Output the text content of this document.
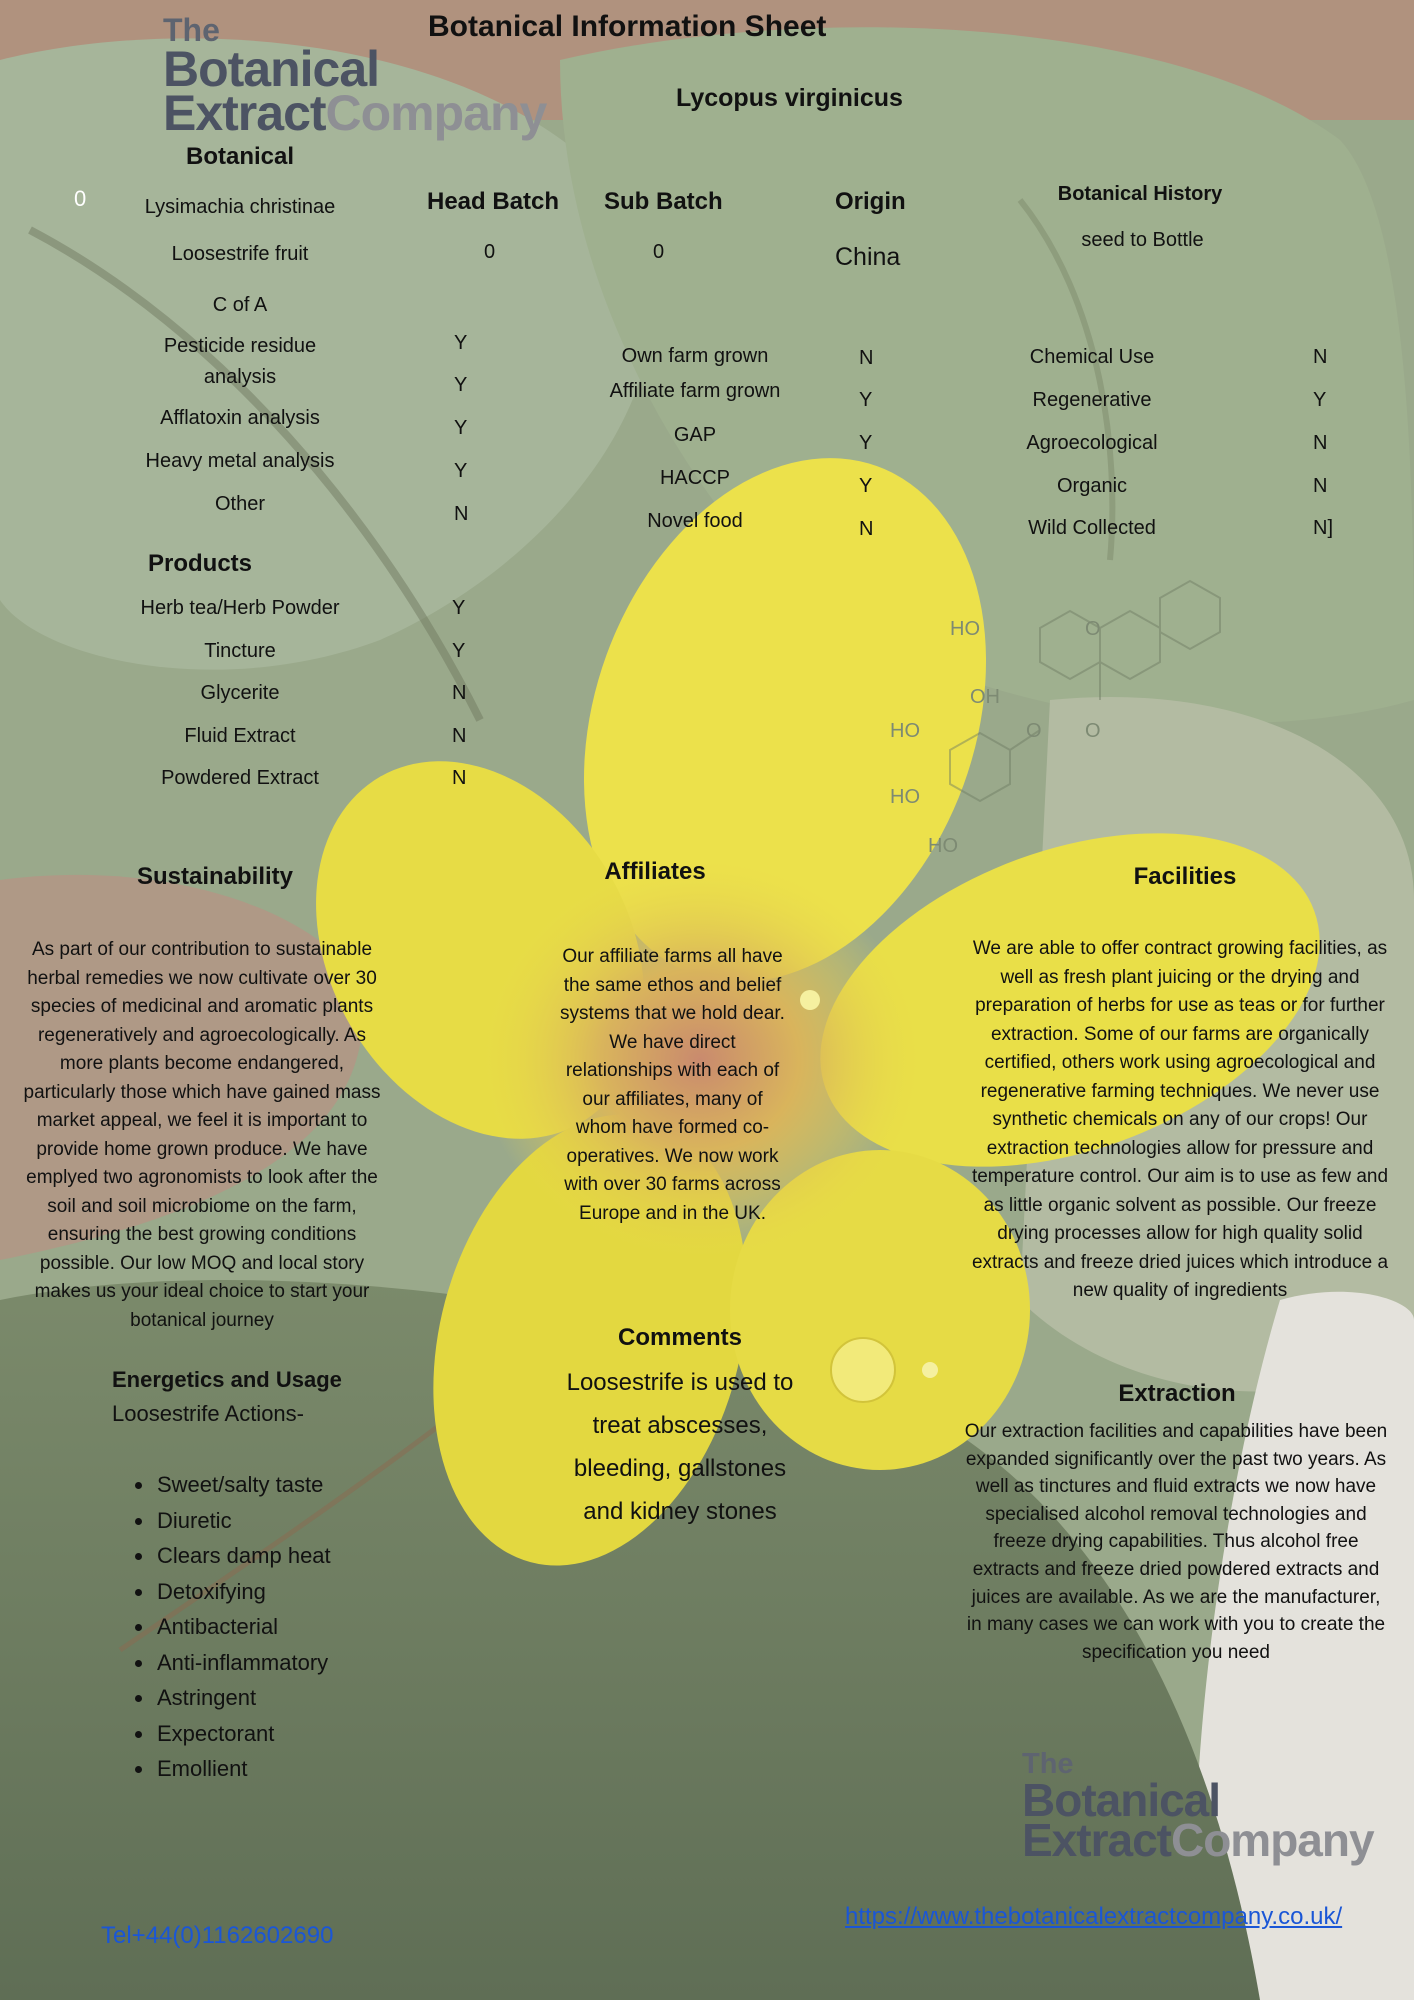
HO
OH
HO
HO
HO
O
O O
The
Botanical
ExtractCompany
Botanical Information Sheet
Lycopus virginicus
0
Botanical
Lysimachia christinae
Loosestrife fruit
C of A
Pesticide residue
analysis
Afflatoxin analysis
Heavy metal analysis
Other
Y
Y
Y
Y
N
Head Batch
0
Sub Batch
0
Origin
China
Own farm grown
Affiliate farm grown
GAP
HACCP
Novel food
N
Y
Y
Y
N
Botanical History
seed to Bottle
Chemical Use
Regenerative
Agroecological
Organic
Wild Collected
N
Y
N
N
N]
Products
Herb tea/Herb Powder
Tincture
Glycerite
Fluid Extract
Powdered Extract
Y
Y
N
N
N
Sustainability
As part of our contribution to sustainable
herbal remedies we now cultivate over 30
species of medicinal and aromatic plants
regeneratively and agroecologically. As
more plants become endangered,
particularly those which have gained mass
market appeal, we feel it is important to
provide home grown produce. We have
emplyed two agronomists to look after the
soil and soil microbiome on the farm,
ensuring the best growing conditions
possible. Our low MOQ and local story
makes us your ideal choice to start your
botanical journey
Affiliates
Our affiliate farms all have
the same ethos and belief
systems that we hold dear.
We have direct
relationships with each of
our affiliates, many of
whom have formed co-
operatives. We now work
with over 30 farms across
Europe and in the UK.
Facilities
We are able to offer contract growing facilities, as
well as fresh plant juicing or the drying and
preparation of herbs for use as teas or for further
extraction. Some of our farms are organically
certified, others work using agroecological and
regenerative farming techniques. We never use
synthetic chemicals on any of our crops! Our
extraction technologies allow for pressure and
temperature control. Our aim is to use as few and
as little organic solvent as possible. Our freeze
drying processes allow for high quality solid
extracts and freeze dried juices which introduce a
new quality of ingredients
Comments
Loosestrife is used to
treat abscesses,
bleeding, gallstones
and kidney stones
Energetics and Usage
Loosestrife Actions-
• Sweet/salty taste
• Diuretic
• Clears damp heat
• Detoxifying
• Antibacterial
• Anti-inflammatory
• Astringent
• Expectorant
• Emollient
Extraction
Our extraction facilities and capabilities have been
expanded significantly over the past two years. As
well as tinctures and fluid extracts we now have
specialised alcohol removal technologies and
freeze drying capabilities. Thus alcohol free
extracts and freeze dried powdered extracts and
juices are available. As we are the manufacturer,
in many cases we can work with you to create the
specification you need
The
Botanical
ExtractCompany
https://www.thebotanicalextractcompany.co.uk/
Tel+44(0)1162602690
